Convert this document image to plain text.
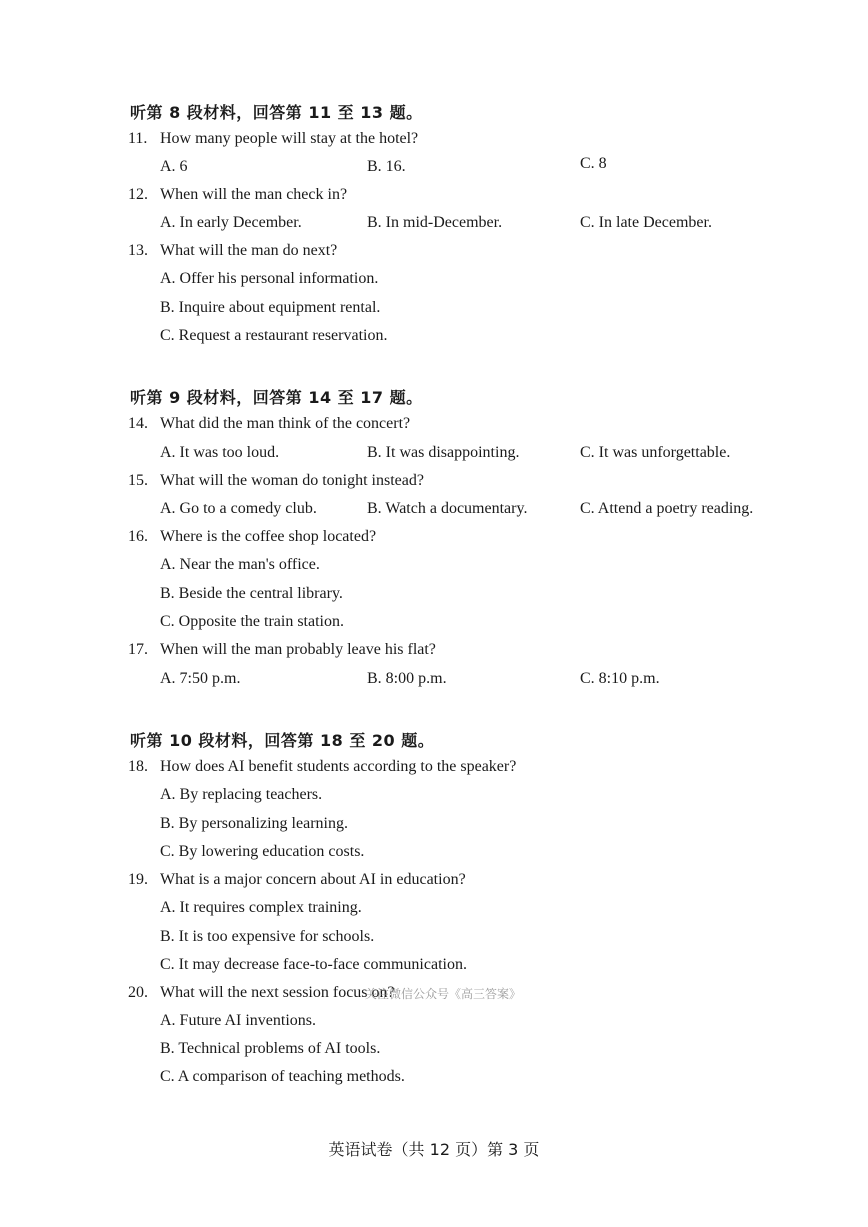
听第 8 段材料，回答第 11 至 13 题。
11. How many people will stay at the hotel?
A. 6	B. 16.	C. 8
12. When will the man check in?
A. In early December.	B. In mid-December.	C. In late December.
13. What will the man do next?
A. Offer his personal information.
B. Inquire about equipment rental.
C. Request a restaurant reservation.
听第 9 段材料，回答第 14 至 17 题。
14. What did the man think of the concert?
A. It was too loud.	B. It was disappointing.	C. It was unforgettable.
15. What will the woman do tonight instead?
A. Go to a comedy club.	B. Watch a documentary.	C. Attend a poetry reading.
16. Where is the coffee shop located?
A. Near the man's office.
B. Beside the central library.
C. Opposite the train station.
17. When will the man probably leave his flat?
A. 7:50 p.m.	B. 8:00 p.m.	C. 8:10 p.m.
听第 10 段材料，回答第 18 至 20 题。
18. How does AI benefit students according to the speaker?
A. By replacing teachers.
B. By personalizing learning.
C. By lowering education costs.
19. What is a major concern about AI in education?
A. It requires complex training.
B. It is too expensive for schools.
C. It may decrease face-to-face communication.
20. What will the next session focus on?
A. Future AI inventions.
B. Technical problems of AI tools.
C. A comparison of teaching methods.
关注微信公众号《高三答案》
英语试卷（共 12 页）第 3 页
